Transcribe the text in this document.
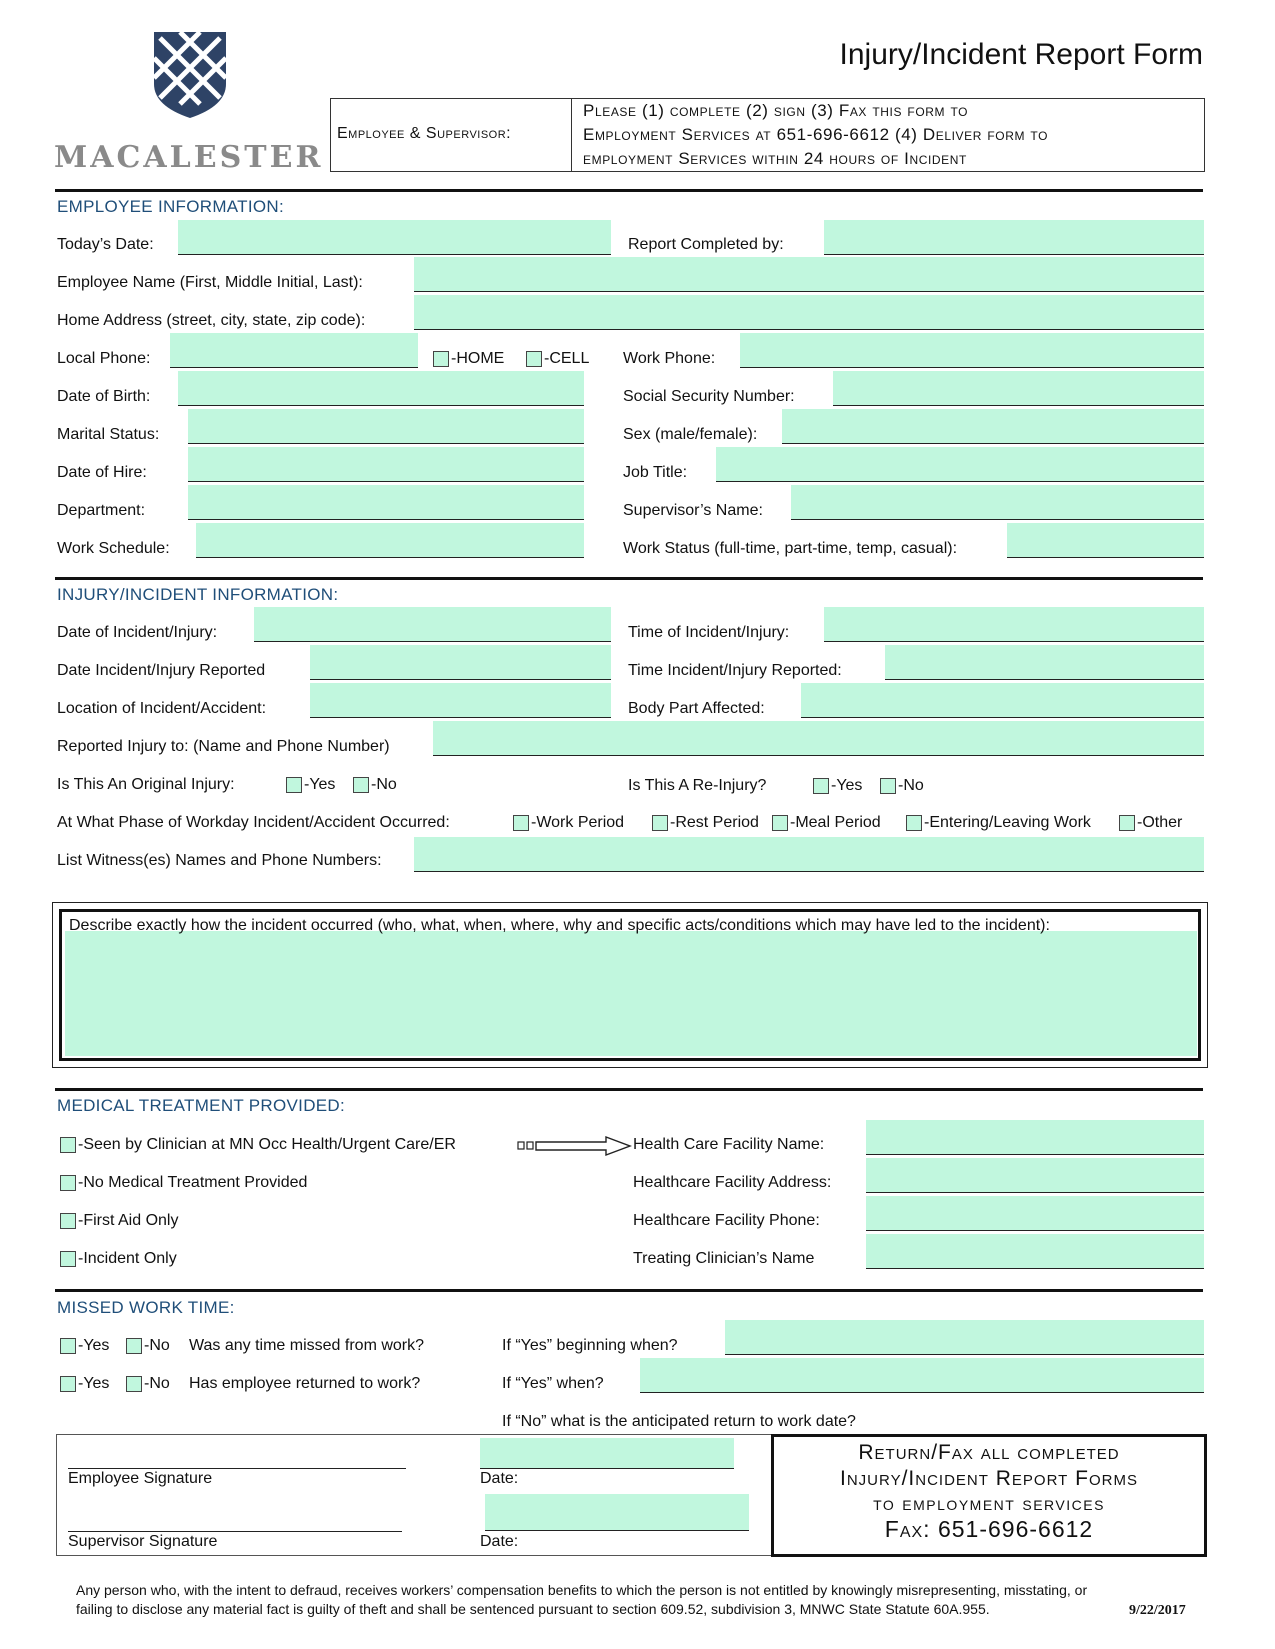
MACALESTER
Injury/Incident Report Form
Employee & Supervisor:
Please (1) complete (2) sign (3) Fax this form to
Employment Services at 651-696-6612 (4) Deliver form to
employment Services within 24 hours of Incident
EMPLOYEE INFORMATION:
Today’s Date:	Report Completed by:
Employee Name (First, Middle Initial, Last):
Home Address (street, city, state, zip code):
Local Phone:	-HOME -CELL Work Phone:
Date of Birth:	Social Security Number:
Marital Status:	Sex (male/female):
Date of Hire:	Job Title:
Department:	Supervisor’s Name:
Work Schedule:	Work Status (full-time, part-time, temp, casual):
INJURY/INCIDENT INFORMATION:
Date of Incident/Injury:	Time of Incident/Injury:
Date Incident/Injury Reported	Time Incident/Injury Reported:
Location of Incident/Accident:	Body Part Affected:
Reported Injury to: (Name and Phone Number)
Is This An Original Injury:	-Yes -No	Is This A Re-Injury?	-Yes -No
At What Phase of Workday Incident/Accident Occurred:	-Work Period	-Rest Period -Meal Period	-Entering/Leaving Work	-Other
List Witness(es) Names and Phone Numbers:
Describe exactly how the incident occurred (who, what, when, where, why and specific acts/conditions which may have led to the incident):
MEDICAL TREATMENT PROVIDED:
-Seen by Clinician at MN Occ Health/Urgent Care/ER	Health Care Facility Name:
-No Medical Treatment Provided	Healthcare Facility Address:
-First Aid Only	Healthcare Facility Phone:
-Incident Only	Treating Clinician’s Name
MISSED WORK TIME:
-Yes -No Was any time missed from work?	If “Yes” beginning when?
-Yes -No Has employee returned to work?	If “Yes” when?
If “No” what is the anticipated return to work date?
Employee Signature	Date:
Supervisor Signature	Date:
Return/Fax all completed
Injury/Incident Report Forms
to employment services
Fax: 651-696-6612
Any person who, with the intent to defraud, receives workers’ compensation benefits to which the person is not entitled by knowingly misrepresenting, misstating, or
failing to disclose any material fact is guilty of theft and shall be sentenced pursuant to section 609.52, subdivision 3, MNWC State Statute 60A.955.	9/22/2017
